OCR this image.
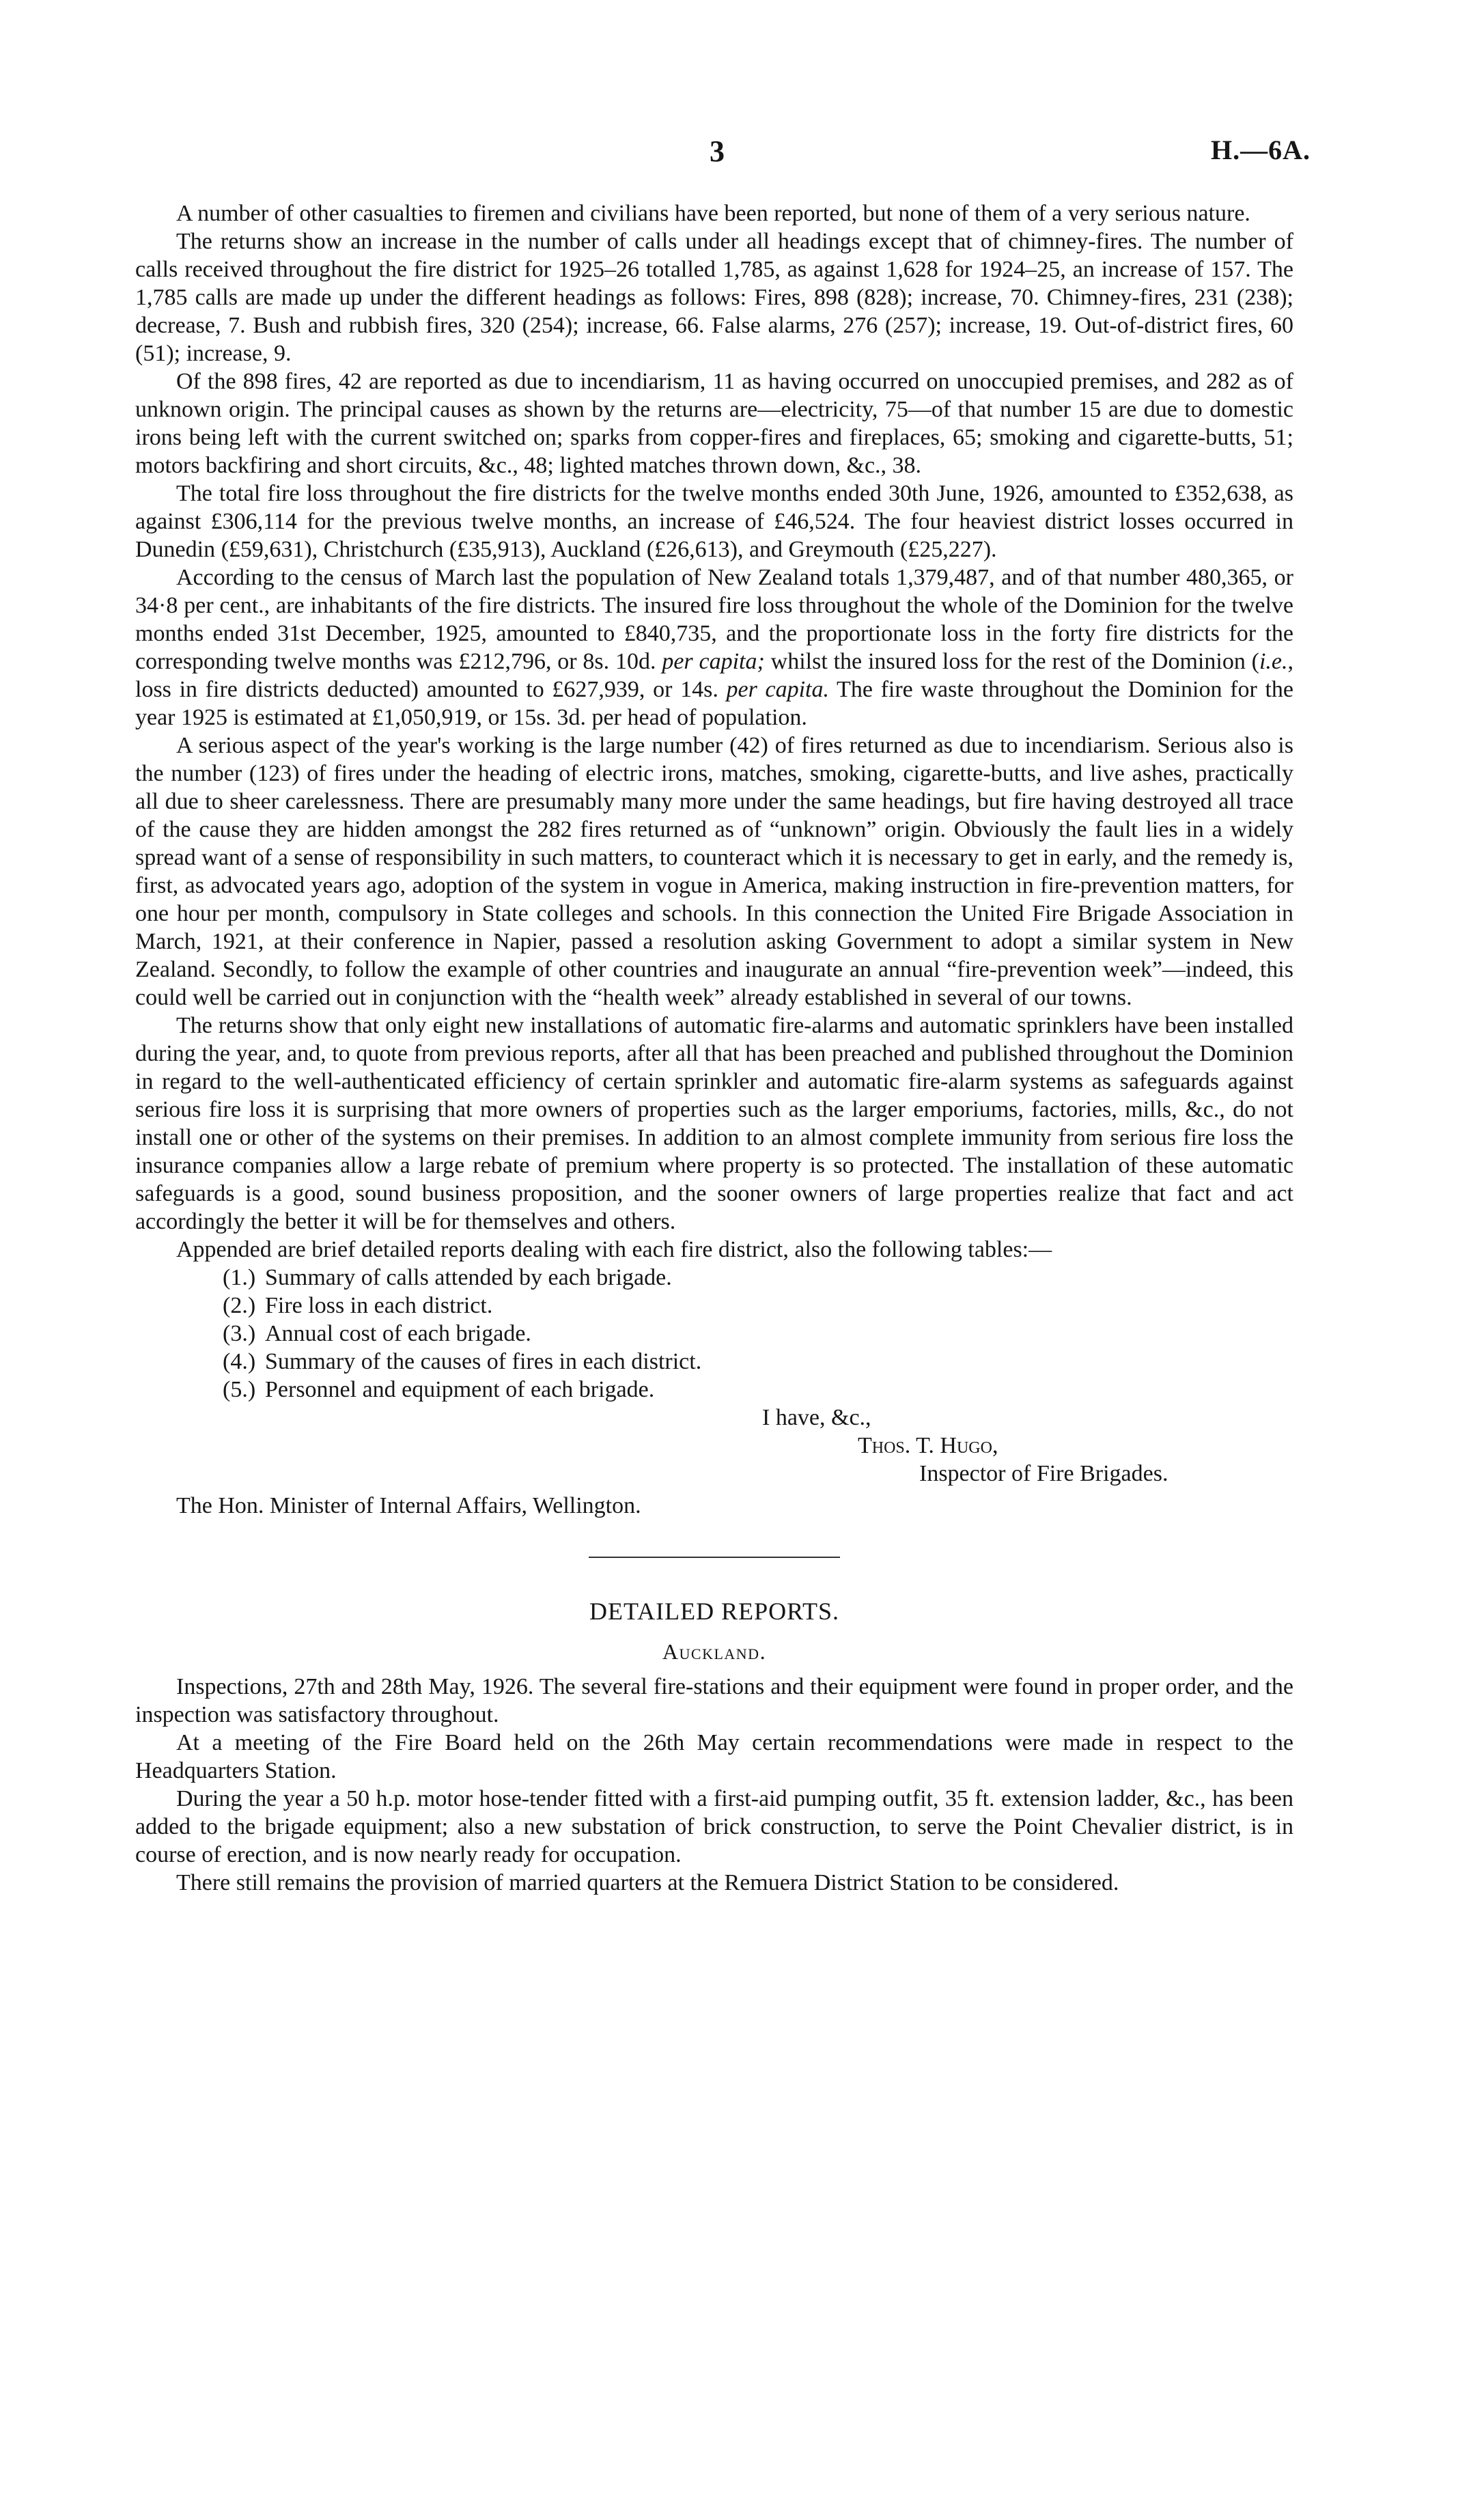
3	H.—6A.

A number of other casualties to firemen and civilians have been reported, but none of them of a very serious nature.

The returns show an increase in the number of calls under all headings except that of chimney-fires. The number of calls received throughout the fire district for 1925–26 totalled 1,785, as against 1,628 for 1924–25, an increase of 157. The 1,785 calls are made up under the different headings as follows: Fires, 898 (828); increase, 70. Chimney-fires, 231 (238); decrease, 7. Bush and rubbish fires, 320 (254); increase, 66. False alarms, 276 (257); increase, 19. Out-of-district fires, 60 (51); increase, 9.

Of the 898 fires, 42 are reported as due to incendiarism, 11 as having occurred on unoccupied premises, and 282 as of unknown origin. The principal causes as shown by the returns are—electricity, 75—of that number 15 are due to domestic irons being left with the current switched on; sparks from copper-fires and fireplaces, 65; smoking and cigarette-butts, 51; motors backfiring and short circuits, &c., 48; lighted matches thrown down, &c., 38.

The total fire loss throughout the fire districts for the twelve months ended 30th June, 1926, amounted to £352,638, as against £306,114 for the previous twelve months, an increase of £46,524. The four heaviest district losses occurred in Dunedin (£59,631), Christchurch (£35,913), Auckland (£26,613), and Greymouth (£25,227).

According to the census of March last the population of New Zealand totals 1,379,487, and of that number 480,365, or 34·8 per cent., are inhabitants of the fire districts. The insured fire loss throughout the whole of the Dominion for the twelve months ended 31st December, 1925, amounted to £840,735, and the proportionate loss in the forty fire districts for the corresponding twelve months was £212,796, or 8s. 10d. per capita; whilst the insured loss for the rest of the Dominion (i.e., loss in fire districts deducted) amounted to £627,939, or 14s. per capita. The fire waste throughout the Dominion for the year 1925 is estimated at £1,050,919, or 15s. 3d. per head of population.

A serious aspect of the year's working is the large number (42) of fires returned as due to incendiarism. Serious also is the number (123) of fires under the heading of electric irons, matches, smoking, cigarette-butts, and live ashes, practically all due to sheer carelessness. There are presumably many more under the same headings, but fire having destroyed all trace of the cause they are hidden amongst the 282 fires returned as of “unknown” origin. Obviously the fault lies in a widely spread want of a sense of responsibility in such matters, to counteract which it is necessary to get in early, and the remedy is, first, as advocated years ago, adoption of the system in vogue in America, making instruction in fire-prevention matters, for one hour per month, compulsory in State colleges and schools. In this connection the United Fire Brigade Association in March, 1921, at their conference in Napier, passed a resolution asking Government to adopt a similar system in New Zealand. Secondly, to follow the example of other countries and inaugurate an annual “fire-prevention week”—indeed, this could well be carried out in conjunction with the “health week” already established in several of our towns.

The returns show that only eight new installations of automatic fire-alarms and automatic sprinklers have been installed during the year, and, to quote from previous reports, after all that has been preached and published throughout the Dominion in regard to the well-authenticated efficiency of certain sprinkler and automatic fire-alarm systems as safeguards against serious fire loss it is surprising that more owners of properties such as the larger emporiums, factories, mills, &c., do not install one or other of the systems on their premises. In addition to an almost complete immunity from serious fire loss the insurance companies allow a large rebate of premium where property is so protected. The installation of these automatic safeguards is a good, sound business proposition, and the sooner owners of large properties realize that fact and act accordingly the better it will be for themselves and others.

Appended are brief detailed reports dealing with each fire district, also the following tables:—

(1.) Summary of calls attended by each brigade.
(2.) Fire loss in each district.
(3.) Annual cost of each brigade.
(4.) Summary of the causes of fires in each district.
(5.) Personnel and equipment of each brigade.
I have, &c.,
Thos. T. Hugo,
Inspector of Fire Brigades.
The Hon. Minister of Internal Affairs, Wellington.
DETAILED REPORTS.
Auckland.

Inspections, 27th and 28th May, 1926. The several fire-stations and their equipment were found in proper order, and the inspection was satisfactory throughout.

At a meeting of the Fire Board held on the 26th May certain recommendations were made in respect to the Headquarters Station.

During the year a 50 h.p. motor hose-tender fitted with a first-aid pumping outfit, 35 ft. extension ladder, &c., has been added to the brigade equipment; also a new substation of brick construction, to serve the Point Chevalier district, is in course of erection, and is now nearly ready for occupation.

There still remains the provision of married quarters at the Remuera District Station to be considered.
